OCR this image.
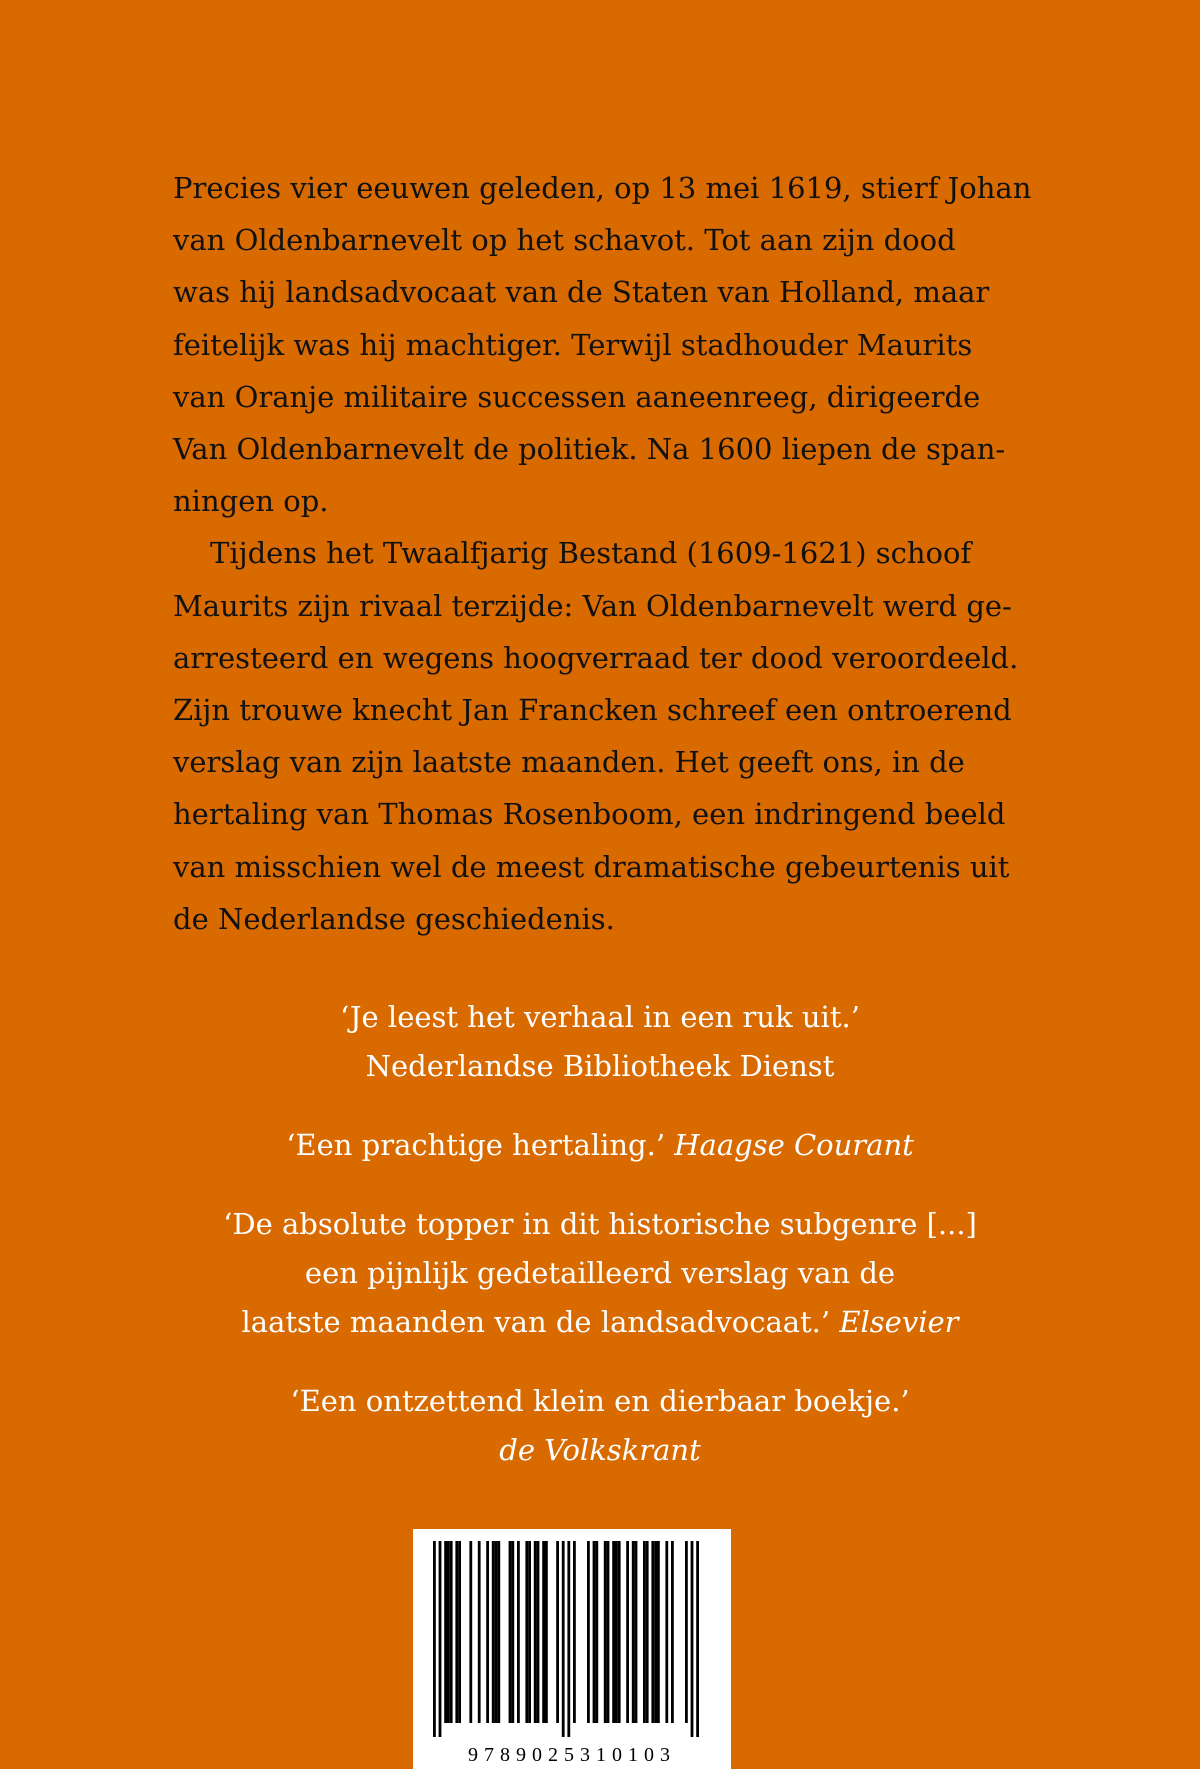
Precies vier eeuwen geleden, op 13 mei 1619, stierf Johan
van Oldenbarnevelt op het schavot. Tot aan zijn dood
was hij landsadvocaat van de Staten van Holland, maar
feitelijk was hij machtiger. Terwijl stadhouder Maurits
van Oranje militaire successen aaneenreeg, dirigeerde
Van Oldenbarnevelt de politiek. Na 1600 liepen de span-
ningen op.

Tijdens het Twaalfjarig Bestand (1609-1621) schoof
Maurits zijn rivaal terzijde: Van Oldenbarnevelt werd ge-
arresteerd en wegens hoogverraad ter dood veroordeeld.
Zijn trouwe knecht Jan Francken schreef een ontroerend
verslag van zijn laatste maanden. Het geeft ons, in de
hertaling van Thomas Rosenboom, een indringend beeld
van misschien wel de meest dramatische gebeurtenis uit
de Nederlandse geschiedenis.

‘Je leest het verhaal in een ruk uit.’
Nederlandse Bibliotheek Dienst
‘Een prachtige hertaling.’ Haagse Courant
‘De absolute topper in dit historische subgenre [...]
een pijnlijk gedetailleerd verslag van de
laatste maanden van de landsadvocaat.’ Elsevier
‘Een ontzettend klein en dierbaar boekje.’
de Volkskrant
9789025310103
